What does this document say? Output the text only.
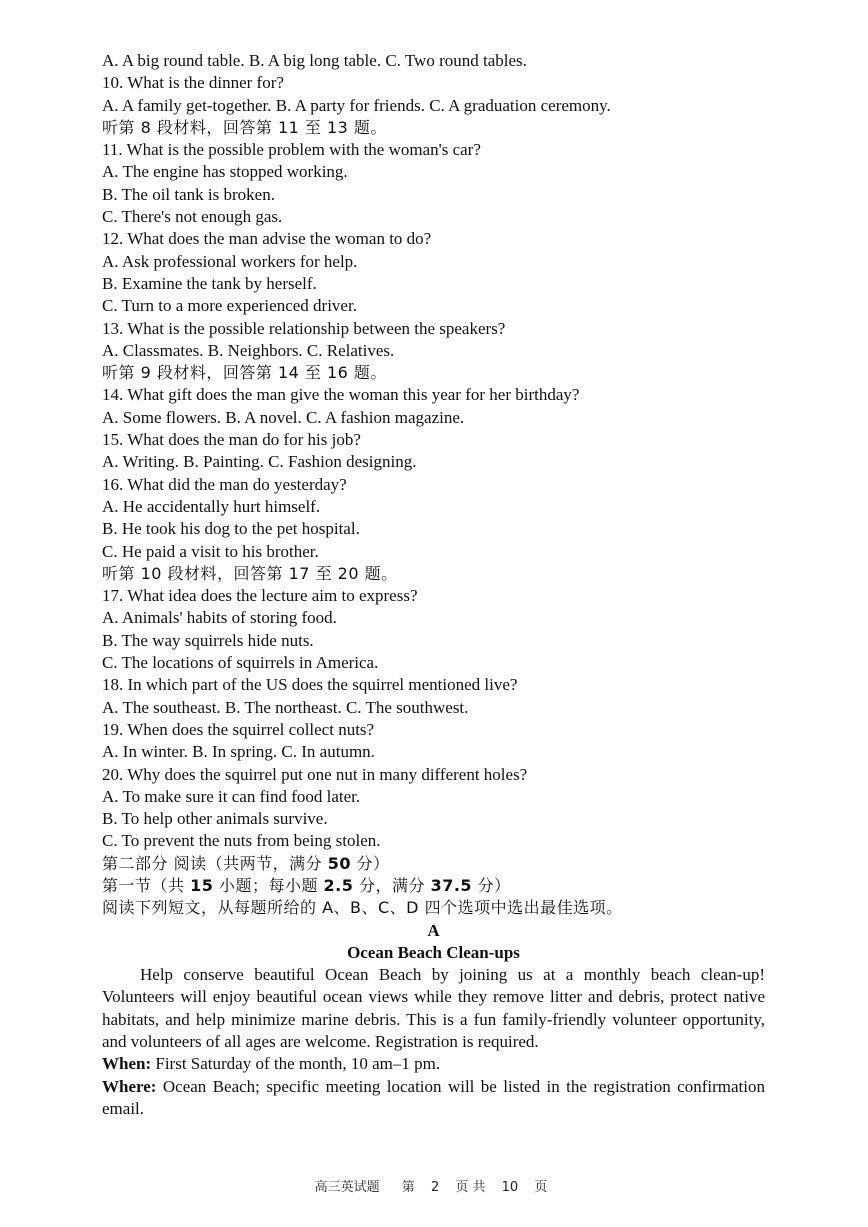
A. A big round table. B. A big long table. C. Two round tables.
10. What is the dinner for?
A. A family get-together. B. A party for friends. C. A graduation ceremony.
听第 8 段材料，回答第 11 至 13 题。
11. What is the possible problem with the woman's car?
A. The engine has stopped working.
B. The oil tank is broken.
C. There's not enough gas.
12. What does the man advise the woman to do?
A. Ask professional workers for help.
B. Examine the tank by herself.
C. Turn to a more experienced driver.
13. What is the possible relationship between the speakers?
A. Classmates. B. Neighbors. C. Relatives.
听第 9 段材料，回答第 14 至 16 题。
14. What gift does the man give the woman this year for her birthday?
A. Some flowers. B. A novel. C. A fashion magazine.
15. What does the man do for his job?
A. Writing. B. Painting. C. Fashion designing.
16. What did the man do yesterday?
A. He accidentally hurt himself.
B. He took his dog to the pet hospital.
C. He paid a visit to his brother.
听第 10 段材料，回答第 17 至 20 题。
17. What idea does the lecture aim to express?
A. Animals' habits of storing food.
B. The way squirrels hide nuts.
C. The locations of squirrels in America.
18. In which part of the US does the squirrel mentioned live?
A. The southeast. B. The northeast. C. The southwest.
19. When does the squirrel collect nuts?
A. In winter. B. In spring. C. In autumn.
20. Why does the squirrel put one nut in many different holes?
A. To make sure it can find food later.
B. To help other animals survive.
C. To prevent the nuts from being stolen.
第二部分 阅读（共两节，满分 50 分）
第一节（共 15 小题；每小题 2.5 分，满分 37.5 分）
阅读下列短文，从每题所给的 A、B、C、D 四个选项中选出最佳选项。
A
Ocean Beach Clean-ups
Help conserve beautiful Ocean Beach by joining us at a monthly beach clean-up! Volunteers will enjoy beautiful ocean views while they remove litter and debris, protect native habitats, and help minimize marine debris. This is a fun family-friendly volunteer opportunity, and volunteers of all ages are welcome. Registration is required.
When: First Saturday of the month, 10 am–1 pm.
Where: Ocean Beach; specific meeting location will be listed in the registration confirmation email.
高三英试题 第 2 页 共 10 页
